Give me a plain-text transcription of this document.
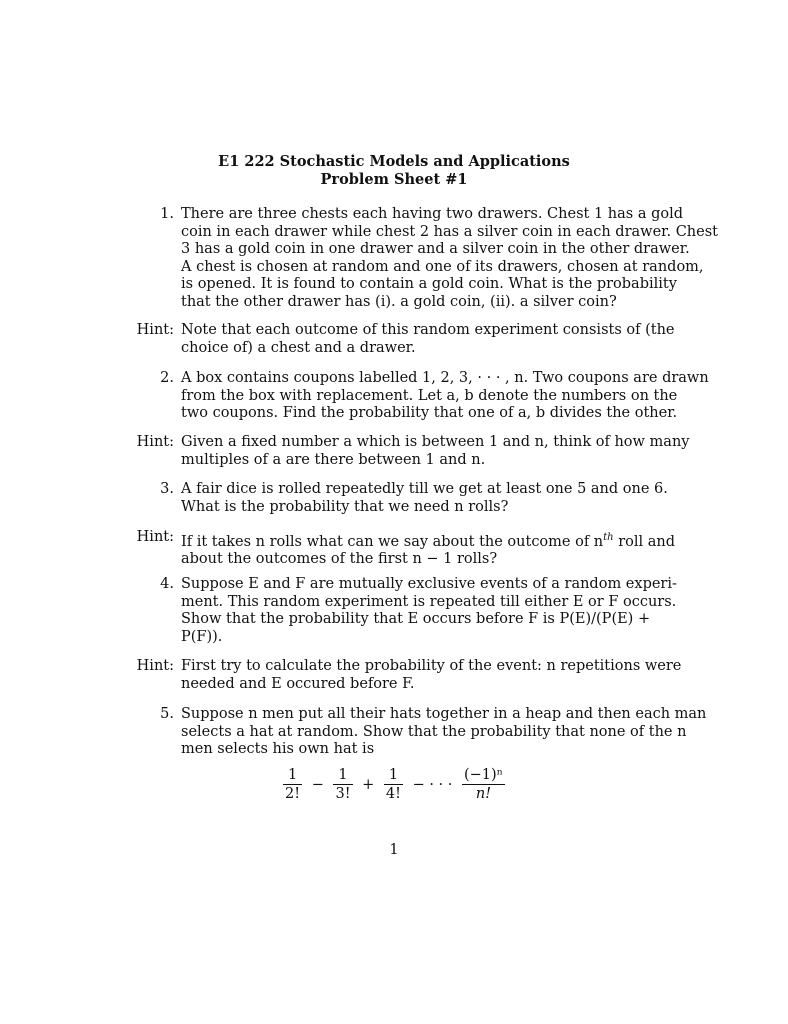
E1 222 Stochastic Models and Applications
Problem Sheet #1
1. There are three chests each having two drawers. Chest 1 has a gold
coin in each drawer while chest 2 has a silver coin in each drawer. Chest
3 has a gold coin in one drawer and a silver coin in the other drawer.
A chest is chosen at random and one of its drawers, chosen at random,
is opened. It is found to contain a gold coin. What is the probability
that the other drawer has (i). a gold coin, (ii). a silver coin?
Hint: Note that each outcome of this random experiment consists of (the
choice of) a chest and a drawer.
2. A box contains coupons labelled 1, 2, 3, · · · , n. Two coupons are drawn
from the box with replacement. Let a, b denote the numbers on the
two coupons. Find the probability that one of a, b divides the other.
Hint: Given a fixed number a which is between 1 and n, think of how many
multiples of a are there between 1 and n.
3. A fair dice is rolled repeatedly till we get at least one 5 and one 6.
What is the probability that we need n rolls?
Hint: If it takes n rolls what can we say about the outcome of $n^{th}$ roll and
about the outcomes of the first n − 1 rolls?
4. Suppose E and F are mutually exclusive events of a random experi-
ment. This random experiment is repeated till either E or F occurs.
Show that the probability that E occurs before F is P(E)/(P(E) +
P(F)).
Hint: First try to calculate the probability of the event: n repetitions were
needed and E occured before F.
5. Suppose n men put all their hats together in a heap and then each man
selects a hat at random. Show that the probability that none of the n
men selects his own hat is
$\frac{1}{2!} - \frac{1}{3!} + \frac{1}{4!}$ − · · · $\frac{\text{(−1)ⁿ}}{n!}$
1
